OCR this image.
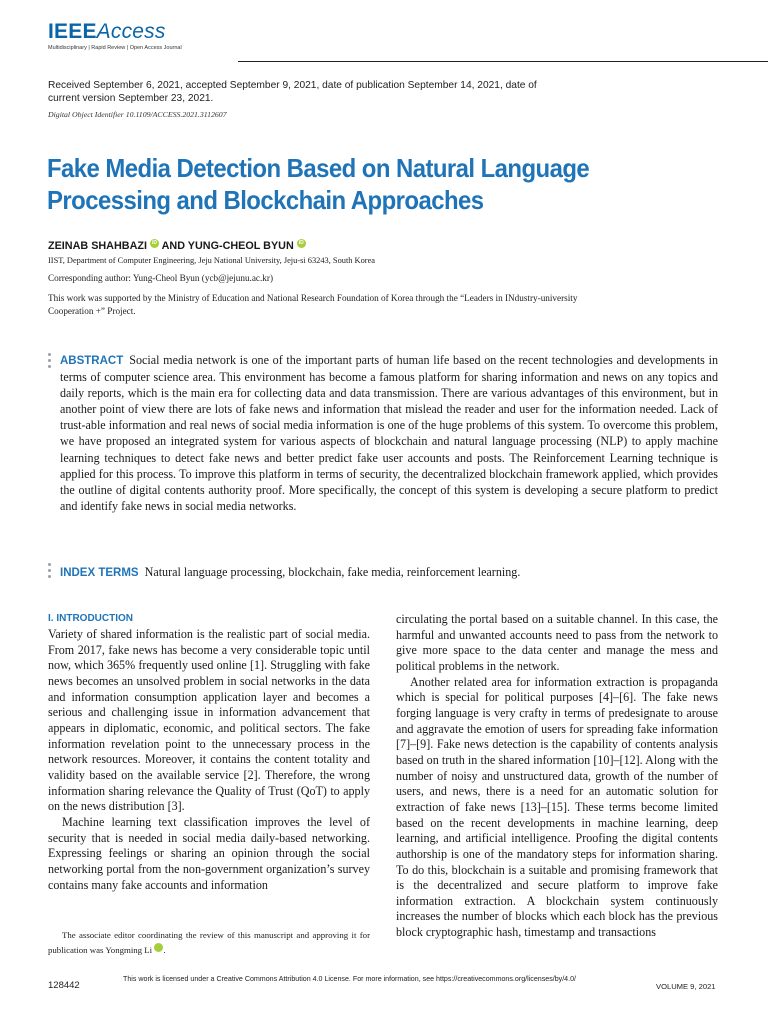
IEEEAccess
Multidisciplinary | Rapid Review | Open Access Journal
Received September 6, 2021, accepted September 9, 2021, date of publication September 14, 2021, date of current version September 23, 2021.
Digital Object Identifier 10.1109/ACCESS.2021.3112607
Fake Media Detection Based on Natural Language Processing and Blockchain Approaches
ZEINAB SHAHBAZI iD AND YUNG-CHEOL BYUN iD
IIST, Department of Computer Engineering, Jeju National University, Jeju-si 63243, South Korea
Corresponding author: Yung-Cheol Byun (ycb@jejunu.ac.kr)
This work was supported by the Ministry of Education and National Research Foundation of Korea through the “Leaders in INdustry-university Cooperation +” Project.
ABSTRACT Social media network is one of the important parts of human life based on the recent technologies and developments in terms of computer science area. This environment has become a famous platform for sharing information and news on any topics and daily reports, which is the main era for collecting data and data transmission. There are various advantages of this environment, but in another point of view there are lots of fake news and information that mislead the reader and user for the information needed. Lack of trust-able information and real news of social media information is one of the huge problems of this system. To overcome this problem, we have proposed an integrated system for various aspects of blockchain and natural language processing (NLP) to apply machine learning techniques to detect fake news and better predict fake user accounts and posts. The Reinforcement Learning technique is applied for this process. To improve this platform in terms of security, the decentralized blockchain framework applied, which provides the outline of digital contents authority proof. More specifically, the concept of this system is developing a secure platform to predict and identify fake news in social media networks.
INDEX TERMS Natural language processing, blockchain, fake media, reinforcement learning.
I. INTRODUCTION

Variety of shared information is the realistic part of social media. From 2017, fake news has become a very considerable topic until now, which 365% frequently used online [1]. Struggling with fake news becomes an unsolved problem in social networks in the data and information consumption application layer and becomes a serious and challenging issue in information advancement that appears in diplomatic, economic, and political sectors. The fake information revelation point to the unnecessary process in the network resources. Moreover, it contains the content totality and validity based on the available service [2]. Therefore, the wrong information sharing relevance the Quality of Trust (QoT) to apply on the news distribution [3].

Machine learning text classification improves the level of security that is needed in social media daily-based networking. Expressing feelings or sharing an opinion through the social networking portal from the non-government organization’s survey contains many fake accounts and information

circulating the portal based on a suitable channel. In this case, the harmful and unwanted accounts need to pass from the network to give more space to the data center and manage the mess and political problems in the network.

Another related area for information extraction is propaganda which is special for political purposes [4]–[6]. The fake news forging language is very crafty in terms of predesignate to arouse and aggravate the emotion of users for spreading fake information [7]–[9]. Fake news detection is the capability of contents analysis based on truth in the shared information [10]–[12]. Along with the number of noisy and unstructured data, growth of the number of users, and news, there is a need for an automatic solution for extraction of fake news [13]–[15]. These terms become limited based on the recent developments in machine learning, deep learning, and artificial intelligence. Proofing the digital contents authorship is one of the mandatory steps for information sharing. To do this, blockchain is a suitable and promising framework that is the decentralized and secure platform to improve fake information extraction. A blockchain system continuously increases the number of blocks which each block has the previous block cryptographic hash, timestamp and transactions

The associate editor coordinating the review of this manuscript and approving it for publication was Yongming Li	iD.

128442
This work is licensed under a Creative Commons Attribution 4.0 License. For more information, see https://creativecommons.org/licenses/by/4.0/
VOLUME 9, 2021
